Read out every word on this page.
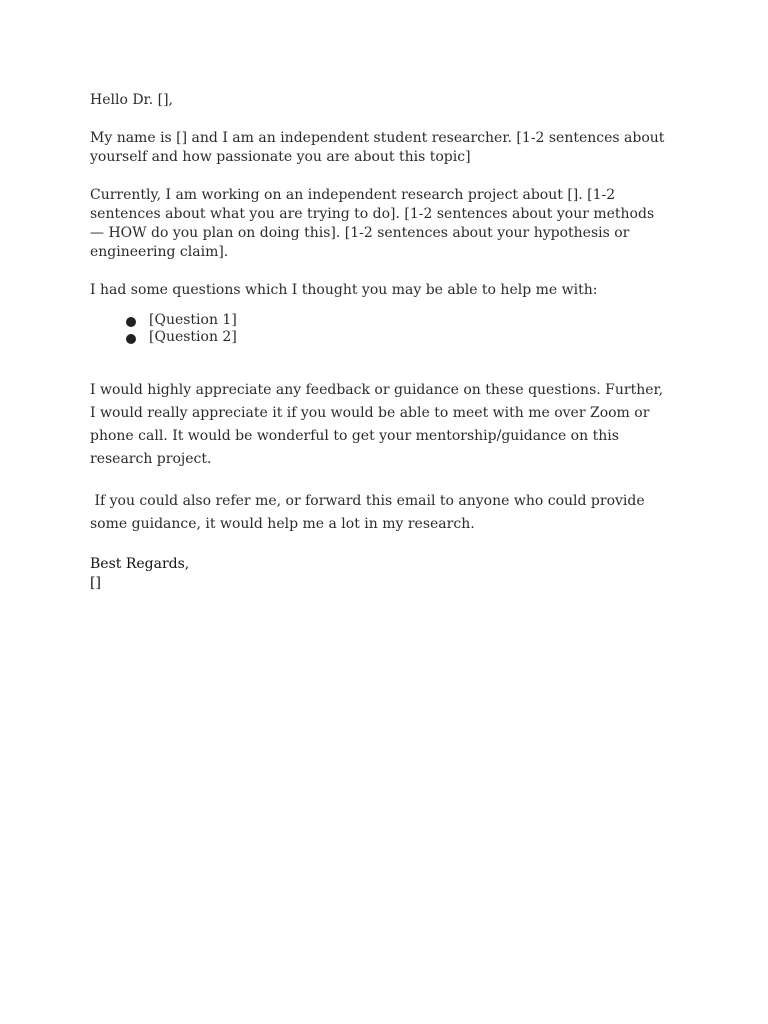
Hello Dr. [],

My name is [] and I am an independent student researcher. [1-2 sentences about yourself and how passionate you are about this topic]

Currently, I am working on an independent research project about []. [1-2 sentences about what you are trying to do]. [1-2 sentences about your methods — HOW do you plan on doing this]. [1-2 sentences about your hypothesis or engineering claim].

I had some questions which I thought you may be able to help me with:

[Question 1]
[Question 2]

I would highly appreciate any feedback or guidance on these questions. Further, I would really appreciate it if you would be able to meet with me over Zoom or phone call. It would be wonderful to get your mentorship/guidance on this research project.

If you could also refer me, or forward this email to anyone who could provide some guidance, it would help me a lot in my research.

Best Regards,

[]
